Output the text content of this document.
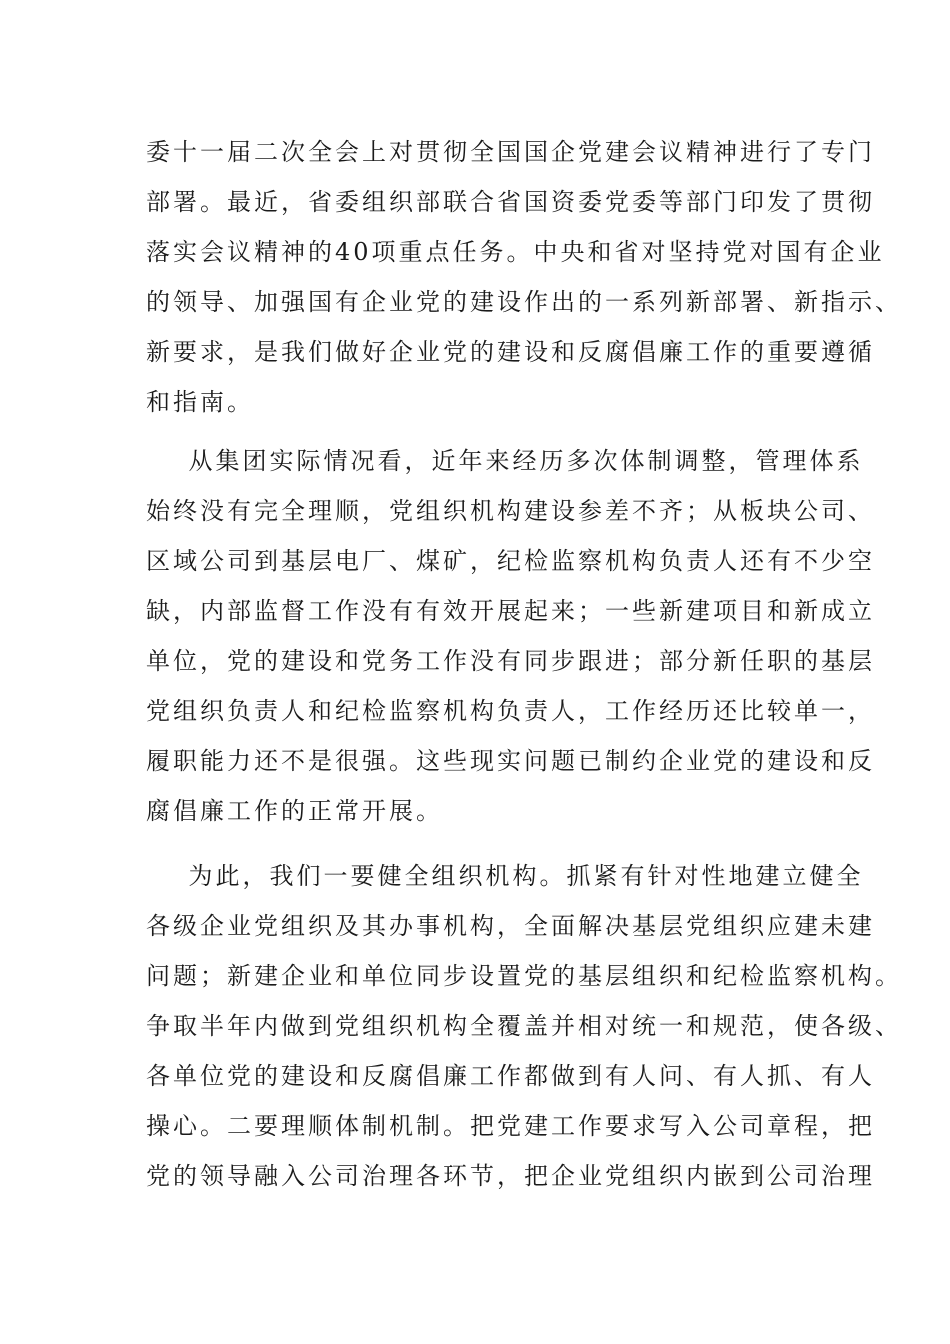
委十一届二次全会上对贯彻全国国企党建会议精神进行了专门
部署。最近，省委组织部联合省国资委党委等部门印发了贯彻
落实会议精神的40项重点任务。中央和省对坚持党对国有企业
的领导、加强国有企业党的建设作出的一系列新部署、新指示、
新要求，是我们做好企业党的建设和反腐倡廉工作的重要遵循
和指南。
从集团实际情况看，近年来经历多次体制调整，管理体系
始终没有完全理顺，党组织机构建设参差不齐；从板块公司、
区域公司到基层电厂、煤矿，纪检监察机构负责人还有不少空
缺，内部监督工作没有有效开展起来；一些新建项目和新成立
单位，党的建设和党务工作没有同步跟进；部分新任职的基层
党组织负责人和纪检监察机构负责人，工作经历还比较单一，
履职能力还不是很强。这些现实问题已制约企业党的建设和反
腐倡廉工作的正常开展。
为此，我们一要健全组织机构。抓紧有针对性地建立健全
各级企业党组织及其办事机构，全面解决基层党组织应建未建
问题；新建企业和单位同步设置党的基层组织和纪检监察机构。
争取半年内做到党组织机构全覆盖并相对统一和规范，使各级、
各单位党的建设和反腐倡廉工作都做到有人问、有人抓、有人
操心。二要理顺体制机制。把党建工作要求写入公司章程，把
党的领导融入公司治理各环节，把企业党组织内嵌到公司治理
